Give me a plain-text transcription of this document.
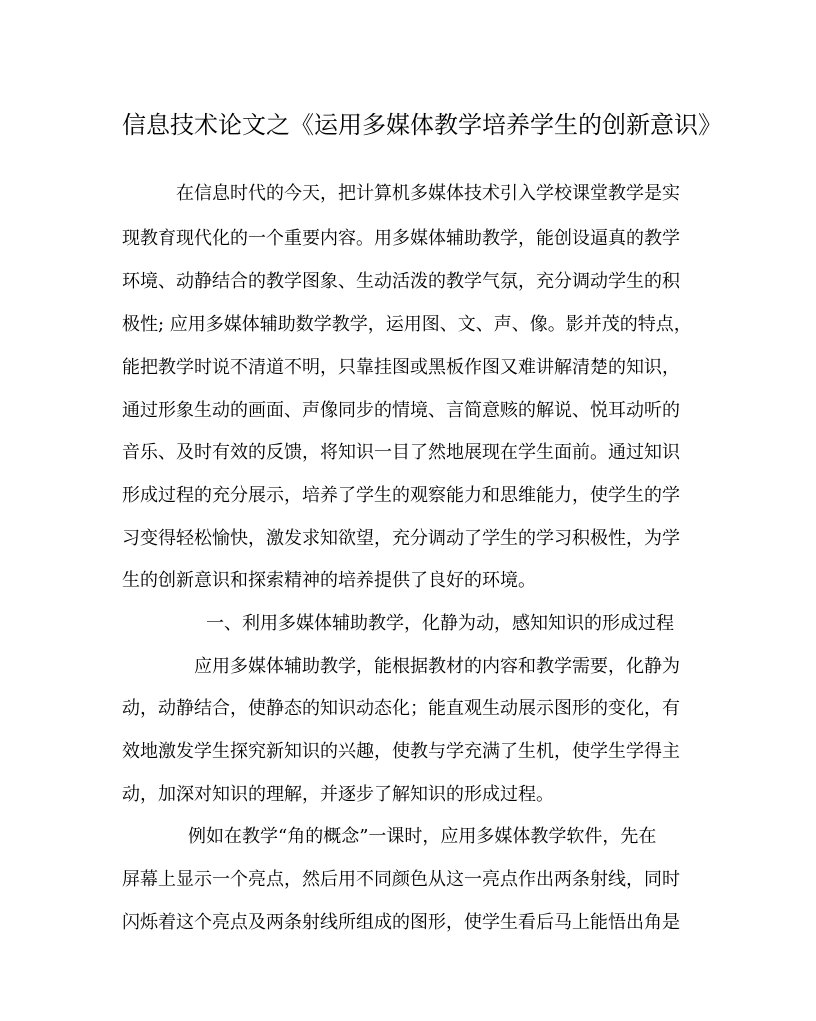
信息技术论文之《运用多媒体教学培养学生的创新意识》
在信息时代的今天，把计算机多媒体技术引入学校课堂教学是实
现教育现代化的一个重要内容。用多媒体辅助教学，能创设逼真的教学
环境、动静结合的教学图象、生动活泼的教学气氛，充分调动学生的积
极性; 应用多媒体辅助数学教学，运用图、文、声、像。影并茂的特点，
能把教学时说不清道不明，只靠挂图或黑板作图又难讲解清楚的知识，
通过形象生动的画面、声像同步的情境、言简意赅的解说、悦耳动听的
音乐、及时有效的反馈，将知识一目了然地展现在学生面前。通过知识
形成过程的充分展示，培养了学生的观察能力和思维能力，使学生的学
习变得轻松愉快，激发求知欲望，充分调动了学生的学习积极性，为学
生的创新意识和探索精神的培养提供了良好的环境。
一、利用多媒体辅助教学，化静为动，感知知识的形成过程
应用多媒体辅助教学，能根据教材的内容和教学需要，化静为
动，动静结合，使静态的知识动态化；能直观生动展示图形的变化，有
效地激发学生探究新知识的兴趣，使教与学充满了生机，使学生学得主
动，加深对知识的理解，并逐步了解知识的形成过程。
例如在教学“角的概念”一课时，应用多媒体教学软件，先在
屏幕上显示一个亮点，然后用不同颜色从这一亮点作出两条射线，同时
闪烁着这个亮点及两条射线所组成的图形，使学生看后马上能悟出角是
